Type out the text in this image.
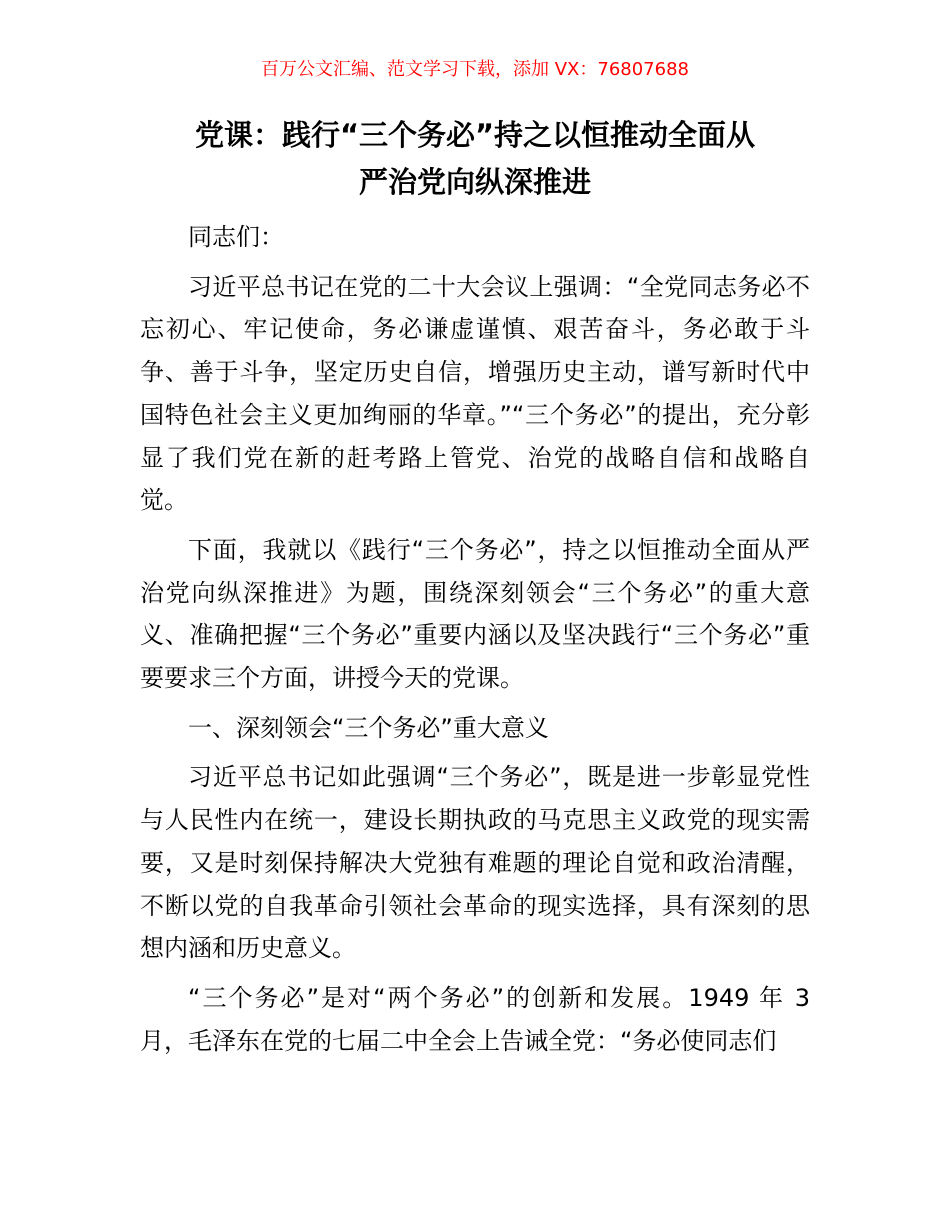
百万公文汇编、范文学习下载，添加 VX：76807688
党课：践行“三个务必”持之以恒推动全面从
严治党向纵深推进

同志们：

习近平总书记在党的二十大会议上强调：“全党同志务必不忘初心、牢记使命，务必谦虚谨慎、艰苦奋斗，务必敢于斗争、善于斗争，坚定历史自信，增强历史主动，谱写新时代中国特色社会主义更加绚丽的华章。”“三个务必”的提出，充分彰显了我们党在新的赶考路上管党、治党的战略自信和战略自觉。

下面，我就以《践行“三个务必”，持之以恒推动全面从严治党向纵深推进》为题，围绕深刻领会“三个务必”的重大意义、准确把握“三个务必”重要内涵以及坚决践行“三个务必”重要要求三个方面，讲授今天的党课。

一、深刻领会“三个务必”重大意义

习近平总书记如此强调“三个务必”，既是进一步彰显党性与人民性内在统一，建设长期执政的马克思主义政党的现实需要，又是时刻保持解决大党独有难题的理论自觉和政治清醒，不断以党的自我革命引领社会革命的现实选择，具有深刻的思想内涵和历史意义。

“三个务必”是对“两个务必”的创新和发展。1949 年 3 月，毛泽东在党的七届二中全会上告诫全党：“务必使同志们
